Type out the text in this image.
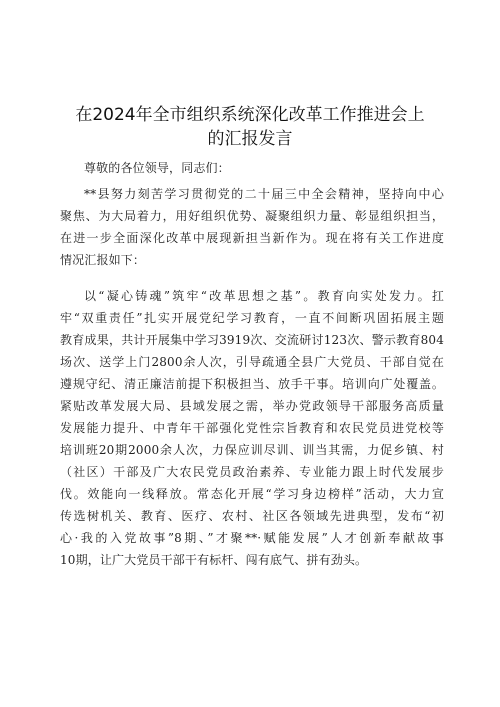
在2024年全市组织系统深化改革工作推进会上
的汇报发言
尊敬的各位领导，同志们：
**县努力刻苦学习贯彻党的二十届三中全会精神，坚持向中心
聚焦、为大局着力，用好组织优势、凝聚组织力量、彰显组织担当，
在进一步全面深化改革中展现新担当新作为。现在将有关工作进度
情况汇报如下：
以“凝心铸魂”筑牢“改革思想之基”。教育向实处发力。扛
牢“双重责任”扎实开展党纪学习教育，一直不间断巩固拓展主题
教育成果，共计开展集中学习3919次、交流研讨123次、警示教育804
场次、送学上门2800余人次，引导疏通全县广大党员、干部自觉在
遵规守纪、清正廉洁前提下积极担当、放手干事。培训向广处覆盖。
紧贴改革发展大局、县域发展之需，举办党政领导干部服务高质量
发展能力提升、中青年干部强化党性宗旨教育和农民党员进党校等
培训班20期2000余人次，力保应训尽训、训当其需，力促乡镇、村
（社区）干部及广大农民党员政治素养、专业能力跟上时代发展步
伐。效能向一线释放。常态化开展“学习身边榜样”活动，大力宣
传选树机关、教育、医疗、农村、社区各领域先进典型，发布“初
心·我的入党故事”8期、”才聚**·赋能发展”人才创新奉献故事
10期，让广大党员干部干有标杆、闯有底气、拼有劲头。
